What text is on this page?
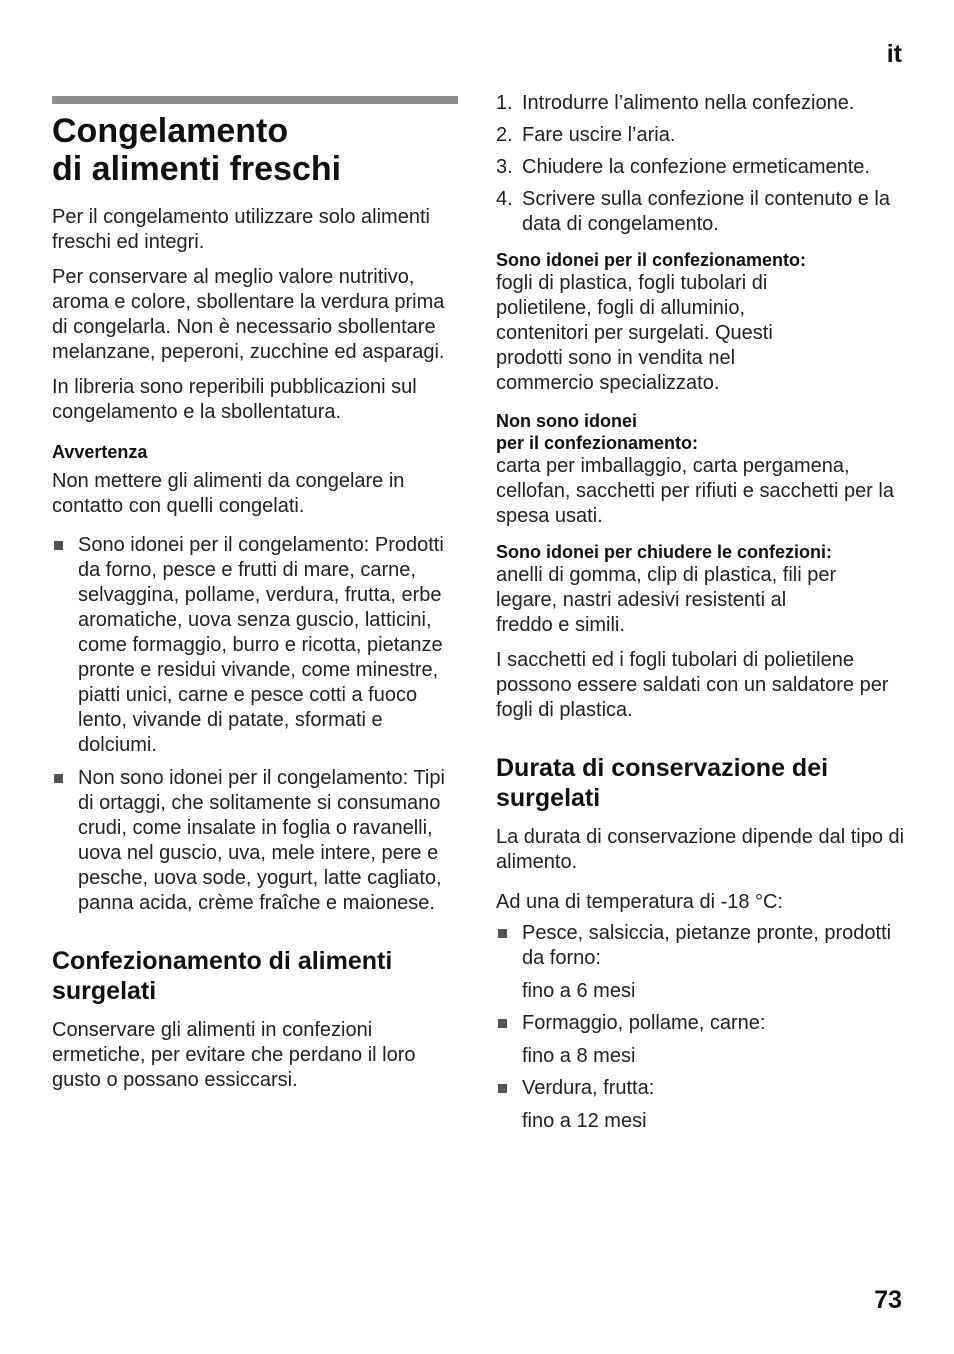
it
Congelamento
di alimenti freschi

Per il congelamento utilizzare solo alimenti freschi ed integri.

Per conservare al meglio valore nutritivo, aroma e colore, sbollentare la verdura prima di congelarla. Non è necessario sbollentare melanzane, peperoni, zucchine ed asparagi.

In libreria sono reperibili pubblicazioni sul congelamento e la sbollentatura.

Avvertenza

Non mettere gli alimenti da congelare in contatto con quelli congelati.

Sono idonei per il congelamento: Prodotti da forno, pesce e frutti di mare, carne, selvaggina, pollame, verdura, frutta, erbe aromatiche, uova senza guscio, latticini, come formaggio, burro e ricotta, pietanze pronte e residui vivande, come minestre, piatti unici, carne e pesce cotti a fuoco lento, vivande di patate, sformati e dolciumi.
Non sono idonei per il congelamento: Tipi di ortaggi, che solitamente si consumano crudi, come insalate in foglia o ravanelli, uova nel guscio, uva, mele intere, pere e pesche, uova sode, yogurt, latte cagliato, panna acida, crème fraîche e maionese.
Confezionamento di alimenti surgelati

Conservare gli alimenti in confezioni ermetiche, per evitare che perdano il loro gusto o possano essiccarsi.

1. Introdurre l’alimento nella confezione.
2. Fare uscire l’aria.
3. Chiudere la confezione ermeticamente.
4. Scrivere sulla confezione il contenuto e la data di congelamento.

Sono idonei per il confezionamento:

fogli di plastica, fogli tubolari di polietilene, fogli di alluminio, contenitori per surgelati. Questi prodotti sono in vendita nel commercio specializzato.

Non sono idonei
per il confezionamento:

carta per imballaggio, carta pergamena, cellofan, sacchetti per rifiuti e sacchetti per la spesa usati.

Sono idonei per chiudere le confezioni:

anelli di gomma, clip di plastica, fili per legare, nastri adesivi resistenti al freddo e simili.

I sacchetti ed i fogli tubolari di polietilene possono essere saldati con un saldatore per fogli di plastica.

Durata di conservazione dei surgelati

La durata di conservazione dipende dal tipo di alimento.

Ad una di temperatura di -18 °C:

Pesce, salsiccia, pietanze pronte, prodotti da forno:

fino a 6 mesi

Formaggio, pollame, carne:

fino a 8 mesi

Verdura, frutta:

fino a 12 mesi

73
